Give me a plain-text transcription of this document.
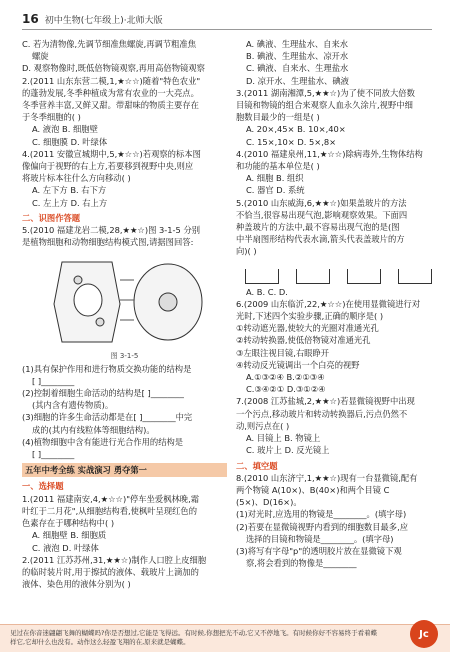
16 初中生物(七年级上)·北师大版
C. 若为清物像,先调节细准焦螺旋,再调节粗准焦
螺旋
D. 观察物像时,既低倍物镜观察,再用高倍物镜观察
2.(2011 山东东营二模,1,★☆☆)随着"特色农业"
的蓬勃发展,冬季种植成为常有农业的一大亮点。
冬季营养丰富,又鲜又甜。带甜味的物质主要存在
于冬季细胞的( )
A. 液泡 B. 细胞壁
C. 细胞膜 D. 叶绿体
4.(2011 安徽宣城期中,5,★☆☆)若观察的标本图
像偏向于视野的右上方,若要移到视野中央,则应
将玻片标本往什么方向移动( )
A. 左下方 B. 右下方
C. 左上方 D. 右上方
二、识图作答题
5.(2010 福建龙岩二模,28,★★☆)图 3-1-5 分别
是植物细胞和动物细胞结构模式图,请据图回答:
图 3-1-5
(1)具有保护作用和进行物质交换功能的结构是
[ ]________
(2)控制着细胞生命活动的结构是[ ]________
(其内含有遗传物质)。
(3)细胞的许多生命活动都是在[ ]________中完
成的(其内有线粒体等细胞结构)。
(4)植物细胞中含有能进行光合作用的结构是
[ ]________
五年中考全练 实战演习 勇夺第一
一、选择题
1.(2011 福建南安,4,★☆☆)"停车坐爱枫林晚,霜
叶红于二月花",从细胞结构看,使枫叶呈现红色的
色素存在于哪种结构中( )
A. 细胞壁 B. 细胞质
C. 液泡 D. 叶绿体
2.(2011 江苏苏州,31,★★☆)制作人口腔上皮细胞
的临时装片时,用于擦拭的液体、载玻片上滴加的
液体、染色用的液体分别为( )
A. 碘液、生理盐水、自来水
B. 碘液、生理盐水、凉开水
C. 碘液、自来水、生理盐水
D. 凉开水、生理盐水、碘液
3.(2011 湖南湘潭,5,★★☆)为了使不同放大倍数
目镜和物镜的组合来观察人血永久涂片,视野中细
胞数目最少的一组是( )
A. 20×,45× B. 10×,40×
C. 15×,10× D. 5×,8×
4.(2010 福建泉州,11,★☆☆)除病毒外,生物体结构
和功能的基本单位是( )
A. 细胞 B. 组织
C. 器官 D. 系统
5.(2010 山东威海,6,★★☆)如果盖玻片的方法
不恰当,很容易出现气泡,影响观察效果。下面四
种盖玻片的方法中,最不容易出现气泡的是(图
中半扇图形结构代表水滴,箭头代表盖玻片的方
向)( )
A. B. C. D.
6.(2009 山东临沂,22,★☆☆)在使用显微镜进行对
光时,下述四个实验步骤,正确的顺序是( )
①转动遮光器,使较大的光圈对准通光孔
②转动转换器,使低倍物镜对准通光孔
③左眼注视目镜,右眼睁开
④转动反光镜调出一个白亮的视野
A.①③②④ B.②①③④
C.③④②① D.③①②④
7.(2008 江苏盐城,2,★★☆)若显微镜视野中出现
一个污点,移动玻片和转动转换器后,污点仍然不
动,则污点在( )
A. 目镜上 B. 物镜上
C. 玻片上 D. 反光镜上
二、填空题
8.(2010 山东济宁,1,★★☆)现有一台显微镜,配有
两个物镜 A(10×)、B(40×)和两个目镜 C
(5×)、D(16×)。
(1)对光时,应选用的物镜是________。(填字母)
(2)若要在显微镜视野内看到的细胞数目最多,应
选择的目镜和物镜是________。(填字母)
(3)将写有字母"p"的透明胶片放在显微镜下观
察,将会看到的物像是________
见过在你音迷翩翩飞舞的蝴蝶吗?你是否想过,它能是飞得远。有时候,你想把光不动,它又不停地飞。有时候你好不容易终于看着蝶样它,它却什么也没有。动作这么轻盈飞翔的在,原来就是蝴蝶。
Jc
